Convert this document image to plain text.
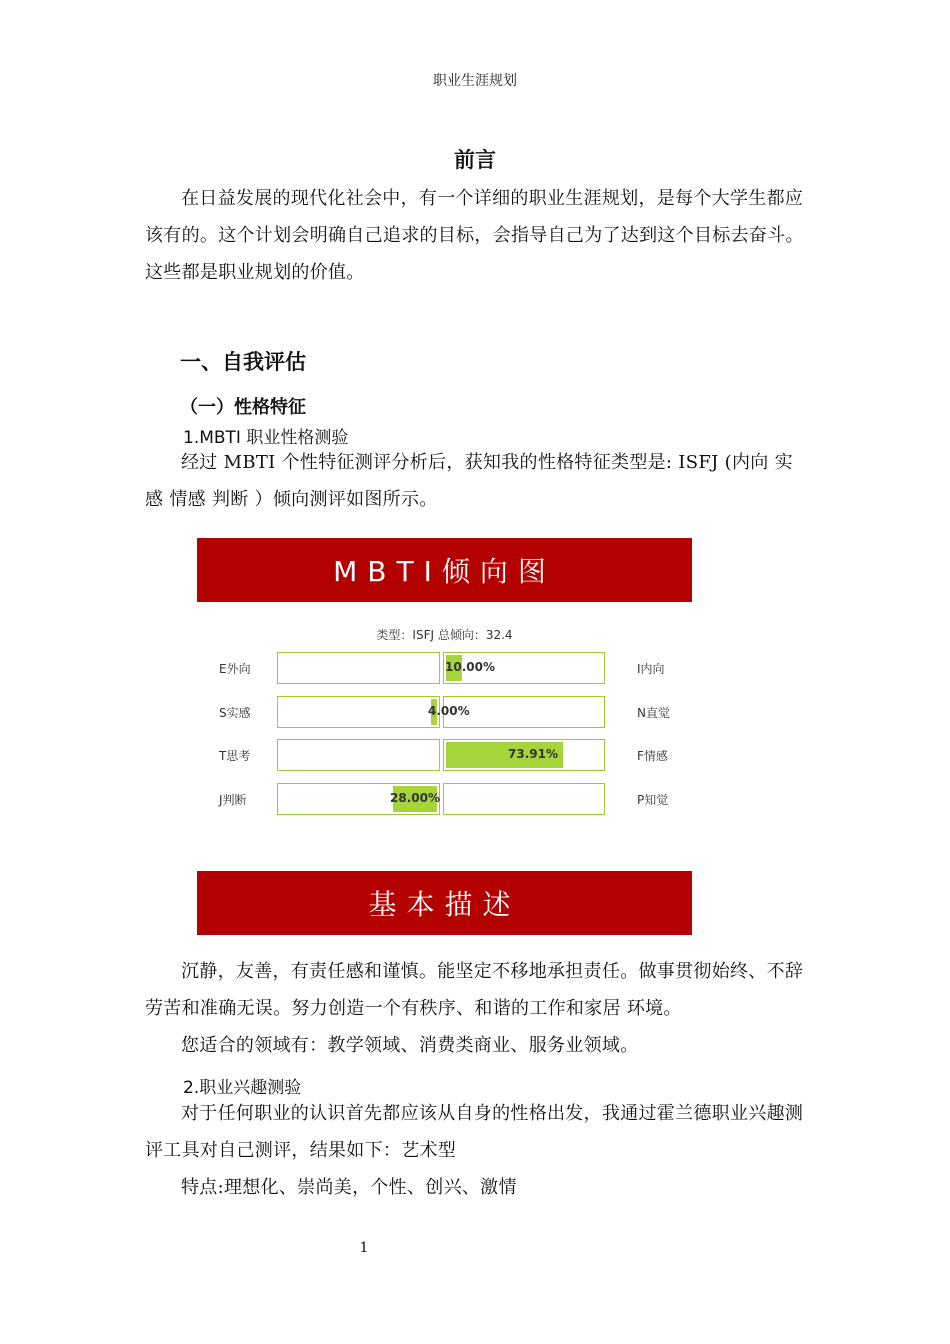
职业生涯规划
前言
在日益发展的现代化社会中，有一个详细的职业生涯规划，是每个大学生都应该有的。这个计划会明确自己追求的目标，会指导自己为了达到这个目标去奋斗。这些都是职业规划的价值。
一、自我评估
（一）性格特征
1.MBTI 职业性格测验
经过 MBTI 个性特征测评分析后，获知我的性格特征类型是: ISFJ (内向 实感 情感 判断 ）倾向测评如图所示。
MBTI倾向图
类型：ISFJ 总倾向：32.4
E外向	I内向
10.00%
S实感	N直觉
4.00%
T思考	F情感
73.91%
J判断	P知觉
28.00%
基本描述
沉静，友善，有责任感和谨慎。能坚定不移地承担责任。做事贯彻始终、不辞劳苦和准确无误。努力创造一个有秩序、和谐的工作和家居 环境。
您适合的领域有：教学领域、消费类商业、服务业领域。
2.职业兴趣测验
对于任何职业的认识首先都应该从自身的性格出发，我通过霍兰德职业兴趣测评工具对自己测评，结果如下：艺术型
特点:理想化、崇尚美，个性、创兴、激情
1
